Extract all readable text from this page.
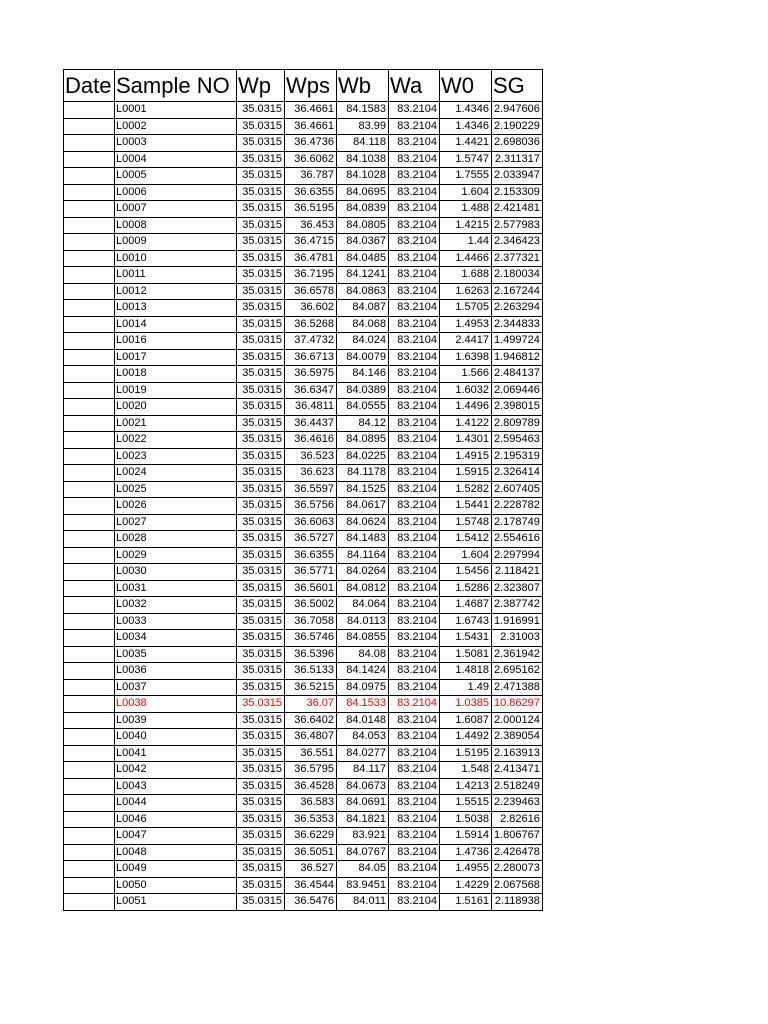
Date	Sample NO	Wp	Wps	Wb	Wa	W0	SG
	L0001	35.0315	36.4661	84.1583	83.2104	1.4346	2.947606
	L0002	35.0315	36.4661	83.99	83.2104	1.4346	2.190229
	L0003	35.0315	36.4736	84.118	83.2104	1.4421	2.698036
	L0004	35.0315	36.6062	84.1038	83.2104	1.5747	2.311317
	L0005	35.0315	36.787	84.1028	83.2104	1.7555	2.033947
	L0006	35.0315	36.6355	84.0695	83.2104	1.604	2.153309
	L0007	35.0315	36.5195	84.0839	83.2104	1.488	2.421481
	L0008	35.0315	36.453	84.0805	83.2104	1.4215	2.577983
	L0009	35.0315	36.4715	84.0367	83.2104	1.44	2.346423
	L0010	35.0315	36.4781	84.0485	83.2104	1.4466	2.377321
	L0011	35.0315	36.7195	84.1241	83.2104	1.688	2.180034
	L0012	35.0315	36.6578	84.0863	83.2104	1.6263	2.167244
	L0013	35.0315	36.602	84.087	83.2104	1.5705	2.263294
	L0014	35.0315	36.5268	84.068	83.2104	1.4953	2.344833
	L0016	35.0315	37.4732	84.024	83.2104	2.4417	1.499724
	L0017	35.0315	36.6713	84.0079	83.2104	1.6398	1.946812
	L0018	35.0315	36.5975	84.146	83.2104	1.566	2.484137
	L0019	35.0315	36.6347	84.0389	83.2104	1.6032	2.069446
	L0020	35.0315	36.4811	84.0555	83.2104	1.4496	2.398015
	L0021	35.0315	36.4437	84.12	83.2104	1.4122	2.809789
	L0022	35.0315	36.4616	84.0895	83.2104	1.4301	2.595463
	L0023	35.0315	36.523	84.0225	83.2104	1.4915	2.195319
	L0024	35.0315	36.623	84.1178	83.2104	1.5915	2.326414
	L0025	35.0315	36.5597	84.1525	83.2104	1.5282	2.607405
	L0026	35.0315	36.5756	84.0617	83.2104	1.5441	2.228782
	L0027	35.0315	36.6063	84.0624	83.2104	1.5748	2.178749
	L0028	35.0315	36.5727	84.1483	83.2104	1.5412	2.554616
	L0029	35.0315	36.6355	84.1164	83.2104	1.604	2.297994
	L0030	35.0315	36.5771	84.0264	83.2104	1.5456	2.118421
	L0031	35.0315	36.5601	84.0812	83.2104	1.5286	2.323807
	L0032	35.0315	36.5002	84.064	83.2104	1.4687	2.387742
	L0033	35.0315	36.7058	84.0113	83.2104	1.6743	1.916991
	L0034	35.0315	36.5746	84.0855	83.2104	1.5431	2.31003
	L0035	35.0315	36.5396	84.08	83.2104	1.5081	2.361942
	L0036	35.0315	36.5133	84.1424	83.2104	1.4818	2.695162
	L0037	35.0315	36.5215	84.0975	83.2104	1.49	2.471388
	L0038	35.0315	36.07	84.1533	83.2104	1.0385	10.86297
	L0039	35.0315	36.6402	84.0148	83.2104	1.6087	2.000124
	L0040	35.0315	36.4807	84.053	83.2104	1.4492	2.389054
	L0041	35.0315	36.551	84.0277	83.2104	1.5195	2.163913
	L0042	35.0315	36.5795	84.117	83.2104	1.548	2.413471
	L0043	35.0315	36.4528	84.0673	83.2104	1.4213	2.518249
	L0044	35.0315	36.583	84.0691	83.2104	1.5515	2.239463
	L0046	35.0315	36.5353	84.1821	83.2104	1.5038	2.82616
	L0047	35.0315	36.6229	83.921	83.2104	1.5914	1.806767
	L0048	35.0315	36.5051	84.0767	83.2104	1.4736	2.426478
	L0049	35.0315	36.527	84.05	83.2104	1.4955	2.280073
	L0050	35.0315	36.4544	83.9451	83.2104	1.4229	2.067568
	L0051	35.0315	36.5476	84.011	83.2104	1.5161	2.118938
